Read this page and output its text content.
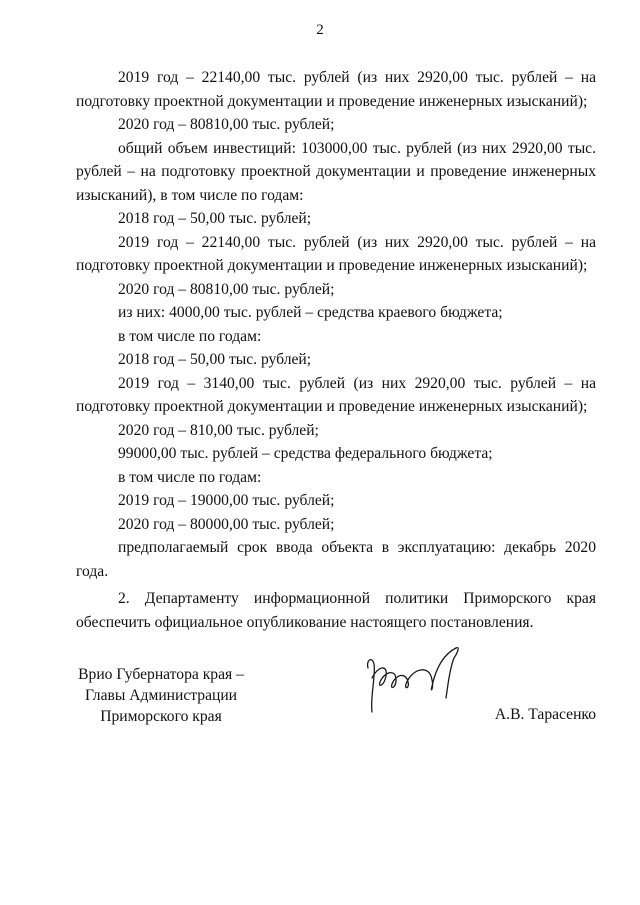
2

2019 год – 22140,00 тыс. рублей (из них 2920,00 тыс. рублей – на подготовку проектной документации и проведение инженерных изысканий);

2020 год – 80810,00 тыс. рублей;

общий объем инвестиций: 103000,00 тыс. рублей (из них 2920,00 тыс. рублей – на подготовку проектной документации и проведение инженерных изысканий), в том числе по годам:

2018 год – 50,00 тыс. рублей;

2019 год – 22140,00 тыс. рублей (из них 2920,00 тыс. рублей – на подготовку проектной документации и проведение инженерных изысканий);

2020 год – 80810,00 тыс. рублей;

из них: 4000,00 тыс. рублей – средства краевого бюджета;

в том числе по годам:

2018 год – 50,00 тыс. рублей;

2019 год – 3140,00 тыс. рублей (из них 2920,00 тыс. рублей – на подготовку проектной документации и проведение инженерных изысканий);

2020 год – 810,00 тыс. рублей;

99000,00 тыс. рублей – средства федерального бюджета;

в том числе по годам:

2019 год – 19000,00 тыс. рублей;

2020 год – 80000,00 тыс. рублей;

предполагаемый срок ввода объекта в эксплуатацию: декабрь 2020 года.

2. Департаменту информационной политики Приморского края обеспечить официальное опубликование настоящего постановления.

Врио Губернатора края –
Главы Администрации
Приморского края	А.В. Тарасенко
